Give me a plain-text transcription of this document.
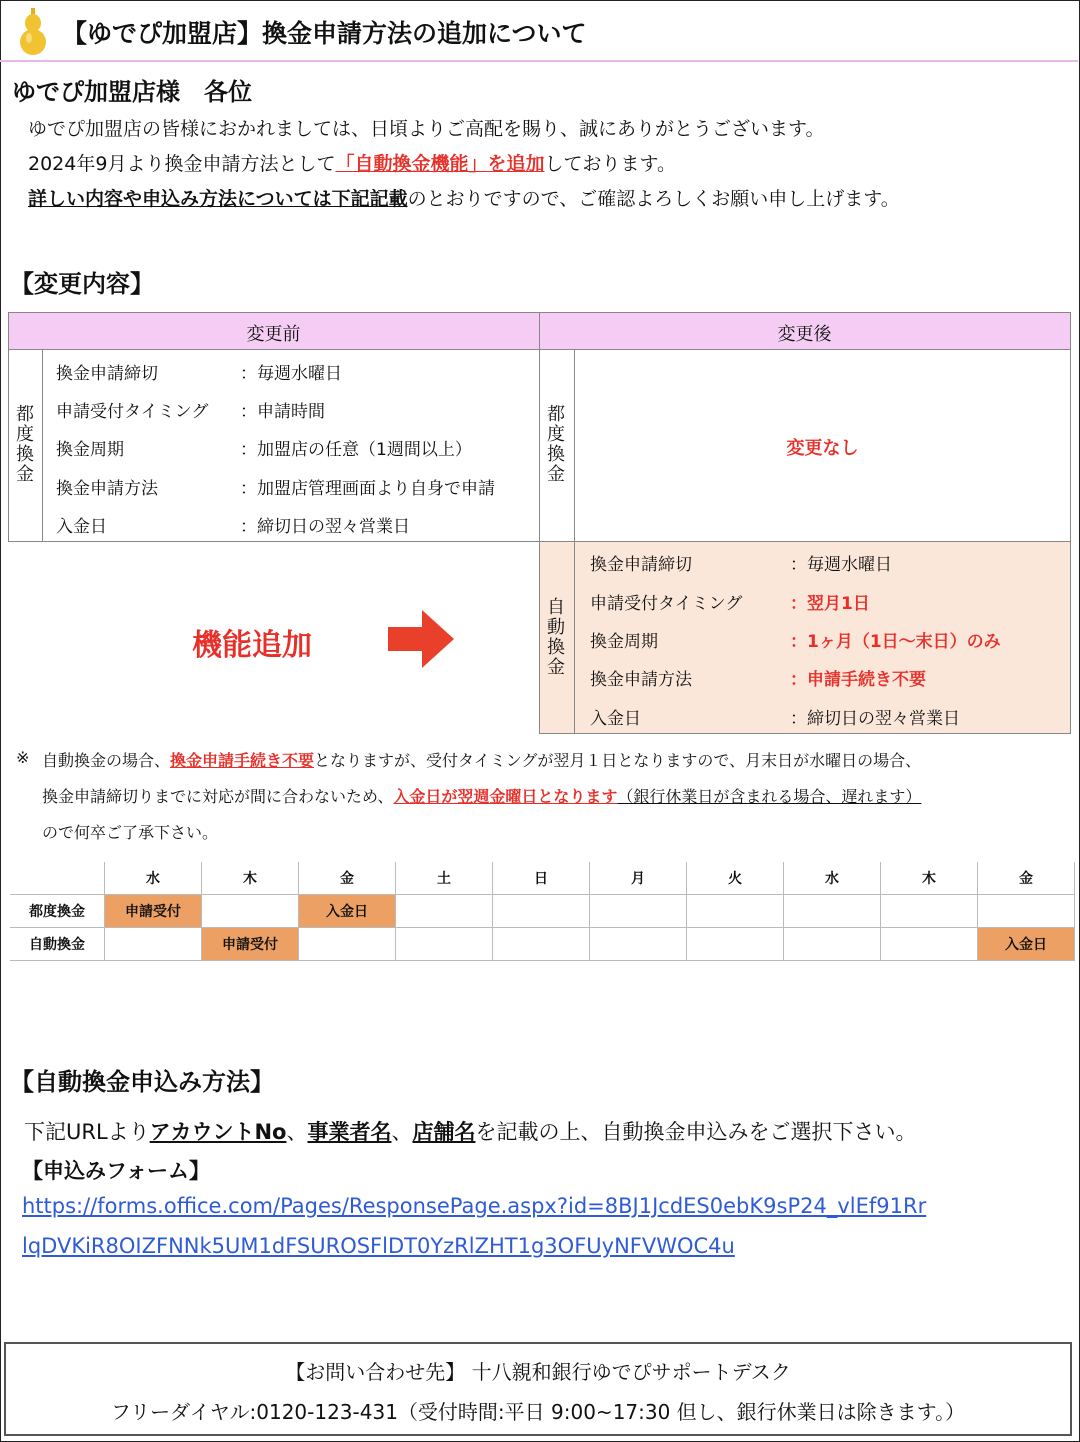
【ゆでぴ加盟店】換金申請方法の追加について
ゆでぴ加盟店様　各位
ゆでぴ加盟店の皆様におかれましては、日頃よりご高配を賜り、誠にありがとうございます。
2024年9月より換金申請方法として「自動換金機能」を追加しております。
詳しい内容や申込み方法については下記記載のとおりですので、ご確認よろしくお願い申し上げます。
【変更内容】
変更前	変更後
都度換金
都度換金
自動換金
換金申請締切	：毎週水曜日
申請受付タイミング ：申請時間
換金周期	：加盟店の任意（1週間以上）
換金申請方法	：加盟店管理画面より自身で申請
入金日	：締切日の翌々営業日
変更なし
機能追加
換金申請締切	：毎週水曜日
申請受付タイミング	：翌月1日
換金周期	：1ヶ月（1日～末日）のみ
換金申請方法	：申請手続き不要
入金日	：締切日の翌々営業日
※ 自動換金の場合、換金申請手続き不要となりますが、受付タイミングが翌月１日となりますので、月末日が水曜日の場合、
換金申請締切りまでに対応が間に合わないため、入金日が翌週金曜日となります（銀行休業日が含まれる場合、遅れます）
ので何卒ご了承下さい。
	水	木	金	土	日	月	火	水	木	金
都度換金	申請受付		入金日							
自動換金		申請受付								入金日
【自動換金申込み方法】
下記URLよりアカウントNo、事業者名、店舗名を記載の上、自動換金申込みをご選択下さい。
【申込みフォーム】
https://forms.office.com/Pages/ResponsePage.aspx?id=8BJ1JcdES0ebK9sP24_vlEf91Rr
lqDVKiR8OIZFNNk5UM1dFSUROSFlDT0YzRlZHT1g3OFUyNFVWOC4u
【お問い合わせ先】 十八親和銀行ゆでぴサポートデスク
フリーダイヤル:0120-123-431（受付時間:平日 9:00~17:30 但し、銀行休業日は除きます。）
